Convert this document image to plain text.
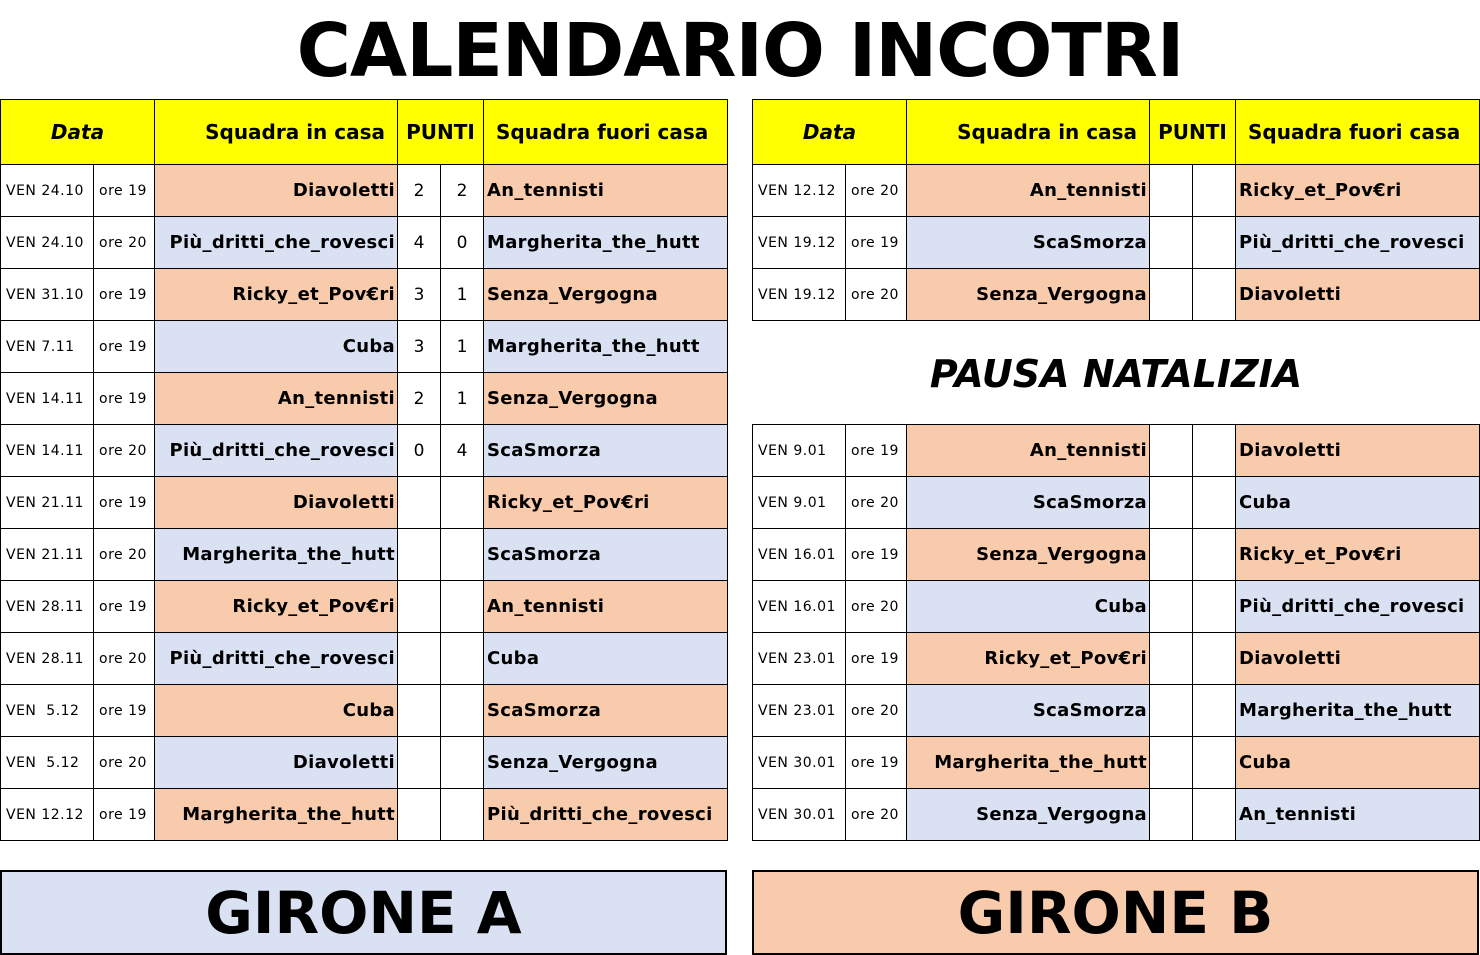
CALENDARIO INCOTRI
Data		Squadra in casa	PUNTI		Squadra fuori casa
VEN 24.10	ore 19	Diavoletti	2	2	An_tennisti
VEN 24.10	ore 20	Più_dritti_che_rovesci	4	0	Margherita_the_hutt
VEN 31.10	ore 19	Ricky_et_Pov€ri	3	1	Senza_Vergogna
VEN 7.11	ore 19	Cuba	3	1	Margherita_the_hutt
VEN 14.11	ore 19	An_tennisti	2	1	Senza_Vergogna
VEN 14.11	ore 20	Più_dritti_che_rovesci	0	4	ScaSmorza
VEN 21.11	ore 19	Diavoletti			Ricky_et_Pov€ri
VEN 21.11	ore 20	Margherita_the_hutt			ScaSmorza
VEN 28.11	ore 19	Ricky_et_Pov€ri			An_tennisti
VEN 28.11	ore 20	Più_dritti_che_rovesci			Cuba
VEN  5.12	ore 19	Cuba			ScaSmorza
VEN  5.12	ore 20	Diavoletti			Senza_Vergogna
VEN 12.12	ore 19	Margherita_the_hutt			Più_dritti_che_rovesci
Data		Squadra in casa	PUNTI		Squadra fuori casa
VEN 12.12	ore 20	An_tennisti			Ricky_et_Pov€ri
VEN 19.12	ore 19	ScaSmorza			Più_dritti_che_rovesci
VEN 19.12	ore 20	Senza_Vergogna			Diavoletti
PAUSA NATALIZIA
VEN 9.01	ore 19	An_tennisti			Diavoletti
VEN 9.01	ore 20	ScaSmorza			Cuba
VEN 16.01	ore 19	Senza_Vergogna			Ricky_et_Pov€ri
VEN 16.01	ore 20	Cuba			Più_dritti_che_rovesci
VEN 23.01	ore 19	Ricky_et_Pov€ri			Diavoletti
VEN 23.01	ore 20	ScaSmorza			Margherita_the_hutt
VEN 30.01	ore 19	Margherita_the_hutt			Cuba
VEN 30.01	ore 20	Senza_Vergogna			An_tennisti
GIRONE A	GIRONE B
